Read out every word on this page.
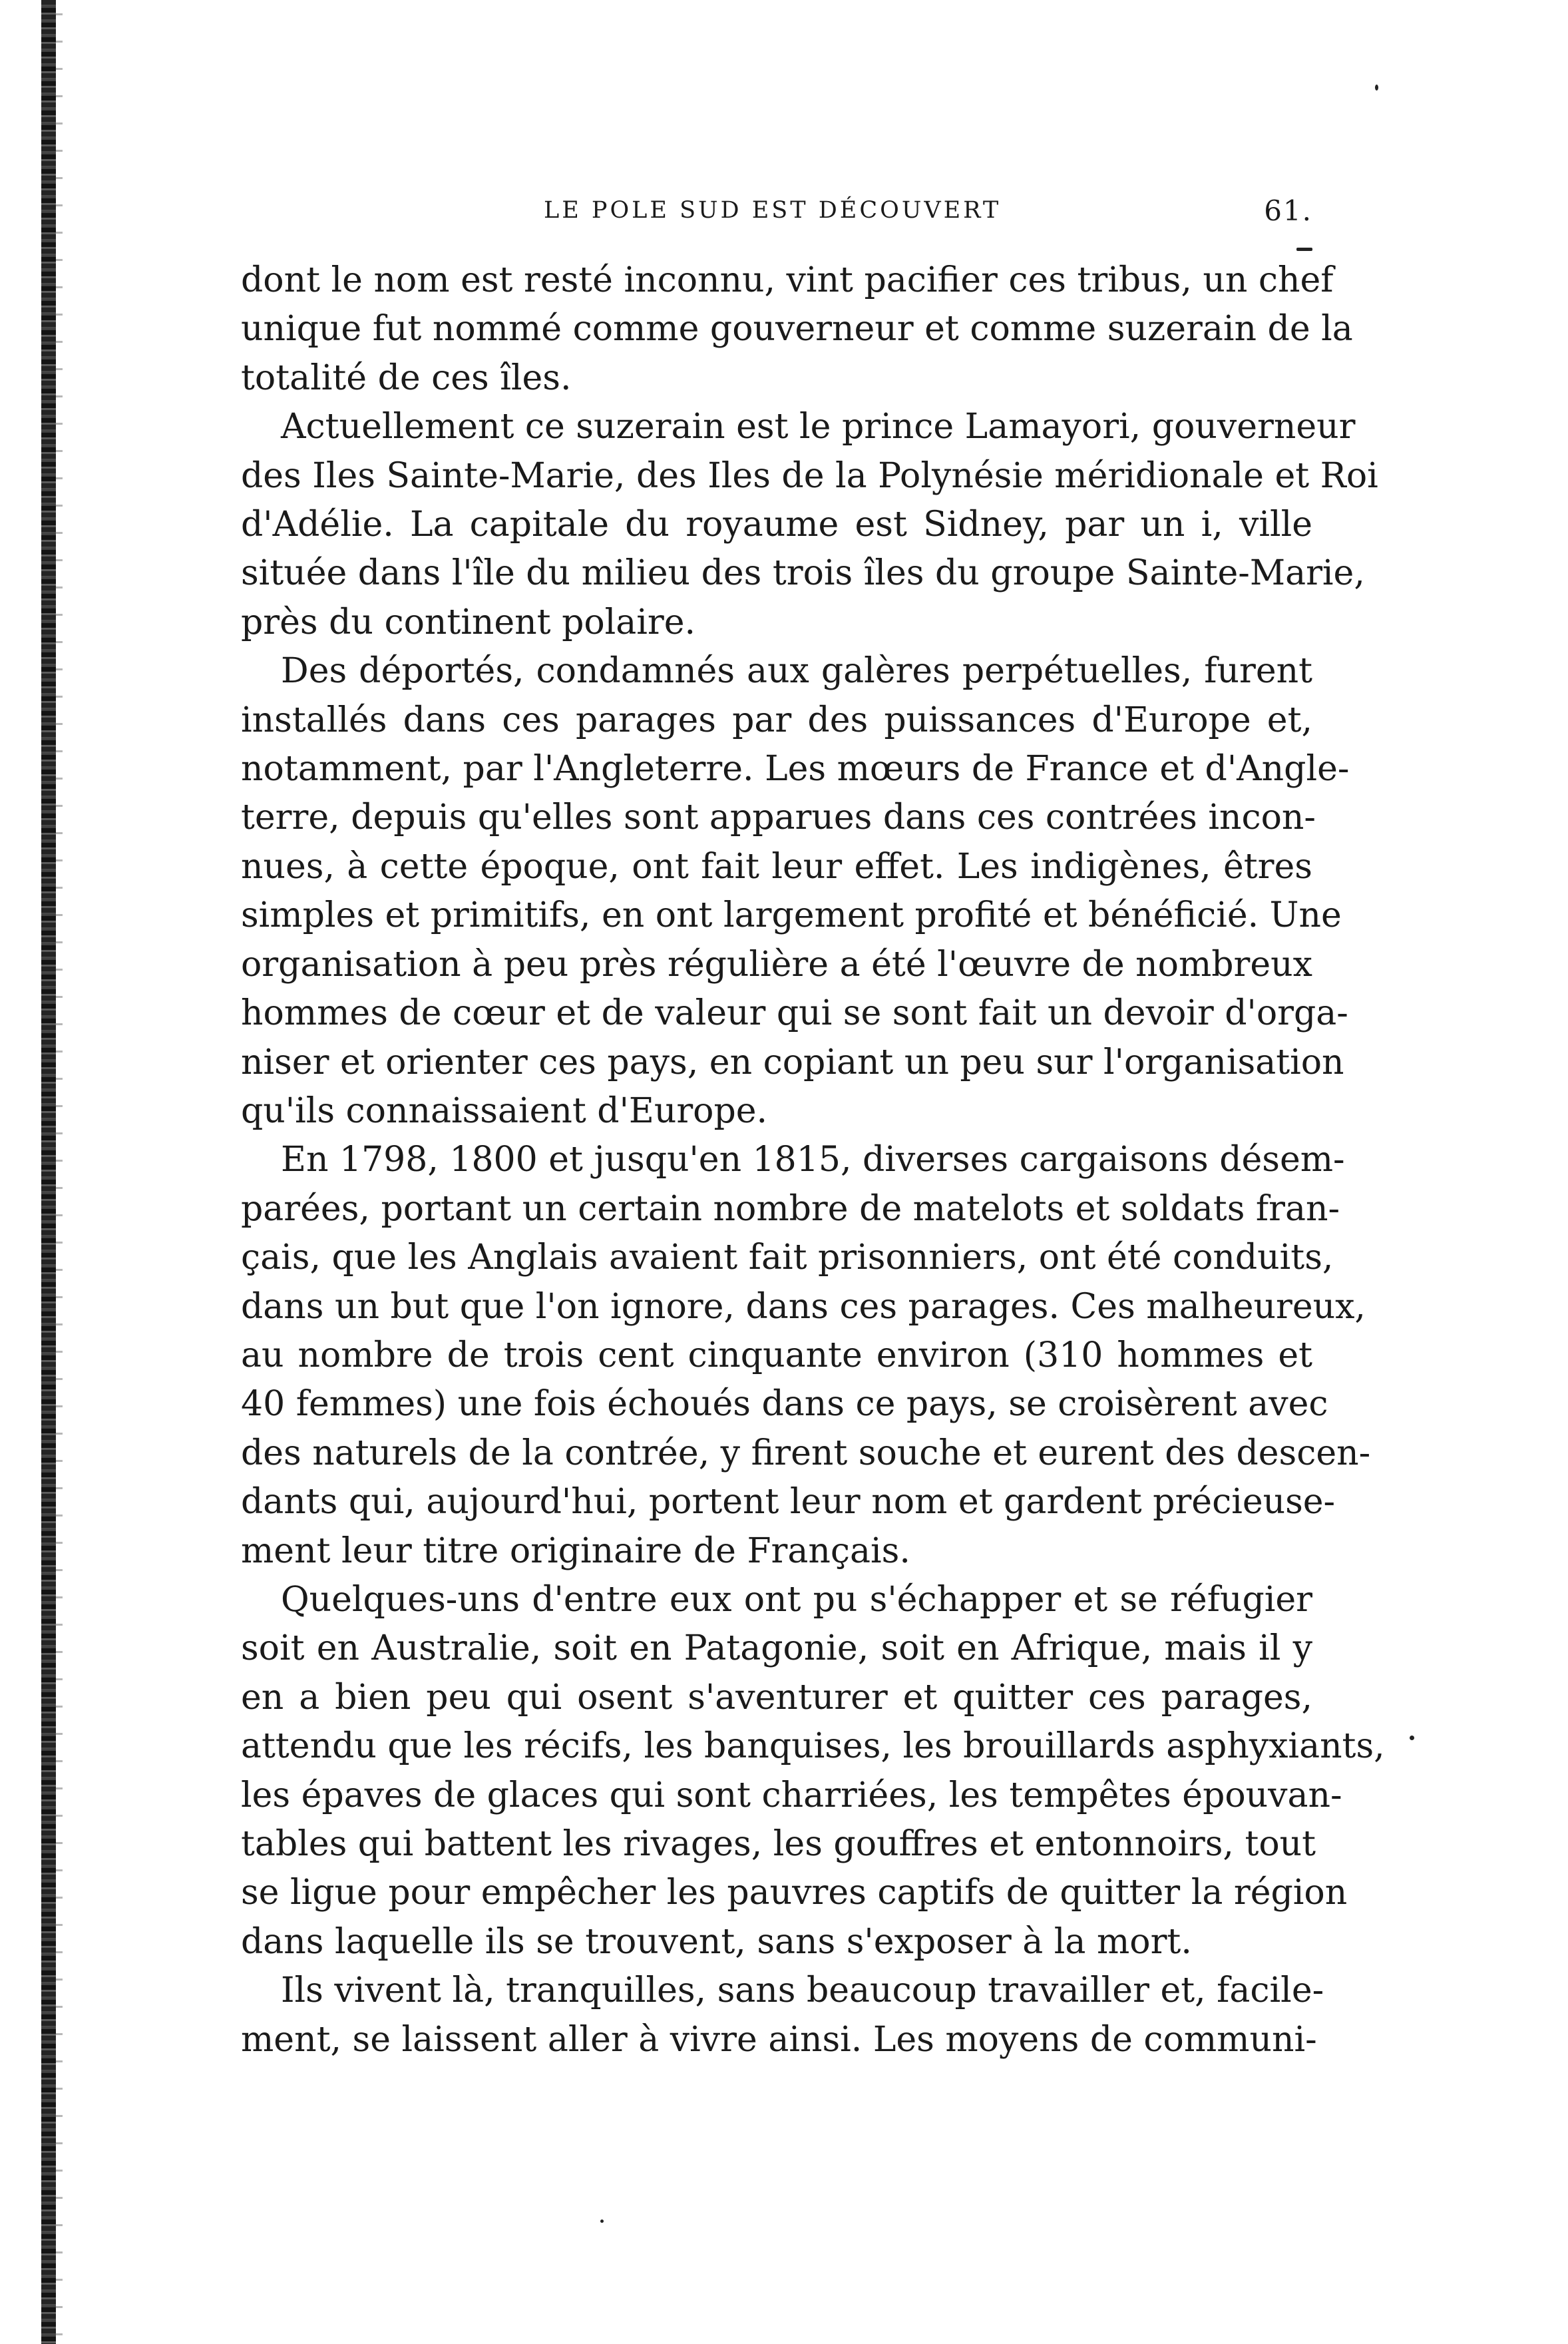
LE POLE SUD EST DÉCOUVERT	61.
dont le nom est resté inconnu, vint pacifier ces tribus, un chef
unique fut nommé comme gouverneur et comme suzerain de la
totalité de ces îles.
Actuellement ce suzerain est le prince Lamayori, gouverneur
des Iles Sainte-Marie, des Iles de la Polynésie méridionale et Roi
d'Adélie. La capitale du royaume est Sidney, par un i, ville
située dans l'île du milieu des trois îles du groupe Sainte-Marie,
près du continent polaire.
Des déportés, condamnés aux galères perpétuelles, furent
installés dans ces parages par des puissances d'Europe et,
notamment, par l'Angleterre. Les mœurs de France et d'Angle-
terre, depuis qu'elles sont apparues dans ces contrées incon-
nues, à cette époque, ont fait leur effet. Les indigènes, êtres
simples et primitifs, en ont largement profité et bénéficié. Une
organisation à peu près régulière a été l'œuvre de nombreux
hommes de cœur et de valeur qui se sont fait un devoir d'orga-
niser et orienter ces pays, en copiant un peu sur l'organisation
qu'ils connaissaient d'Europe.
En 1798, 1800 et jusqu'en 1815, diverses cargaisons désem-
parées, portant un certain nombre de matelots et soldats fran-
çais, que les Anglais avaient fait prisonniers, ont été conduits,
dans un but que l'on ignore, dans ces parages. Ces malheureux,
au nombre de trois cent cinquante environ (310 hommes et
40 femmes) une fois échoués dans ce pays, se croisèrent avec
des naturels de la contrée, y firent souche et eurent des descen-
dants qui, aujourd'hui, portent leur nom et gardent précieuse-
ment leur titre originaire de Français.
Quelques-uns d'entre eux ont pu s'échapper et se réfugier
soit en Australie, soit en Patagonie, soit en Afrique, mais il y
en a bien peu qui osent s'aventurer et quitter ces parages,
attendu que les récifs, les banquises, les brouillards asphyxiants,
les épaves de glaces qui sont charriées, les tempêtes épouvan-
tables qui battent les rivages, les gouffres et entonnoirs, tout
se ligue pour empêcher les pauvres captifs de quitter la région
dans laquelle ils se trouvent, sans s'exposer à la mort.
Ils vivent là, tranquilles, sans beaucoup travailler et, facile-
ment, se laissent aller à vivre ainsi. Les moyens de communi-
